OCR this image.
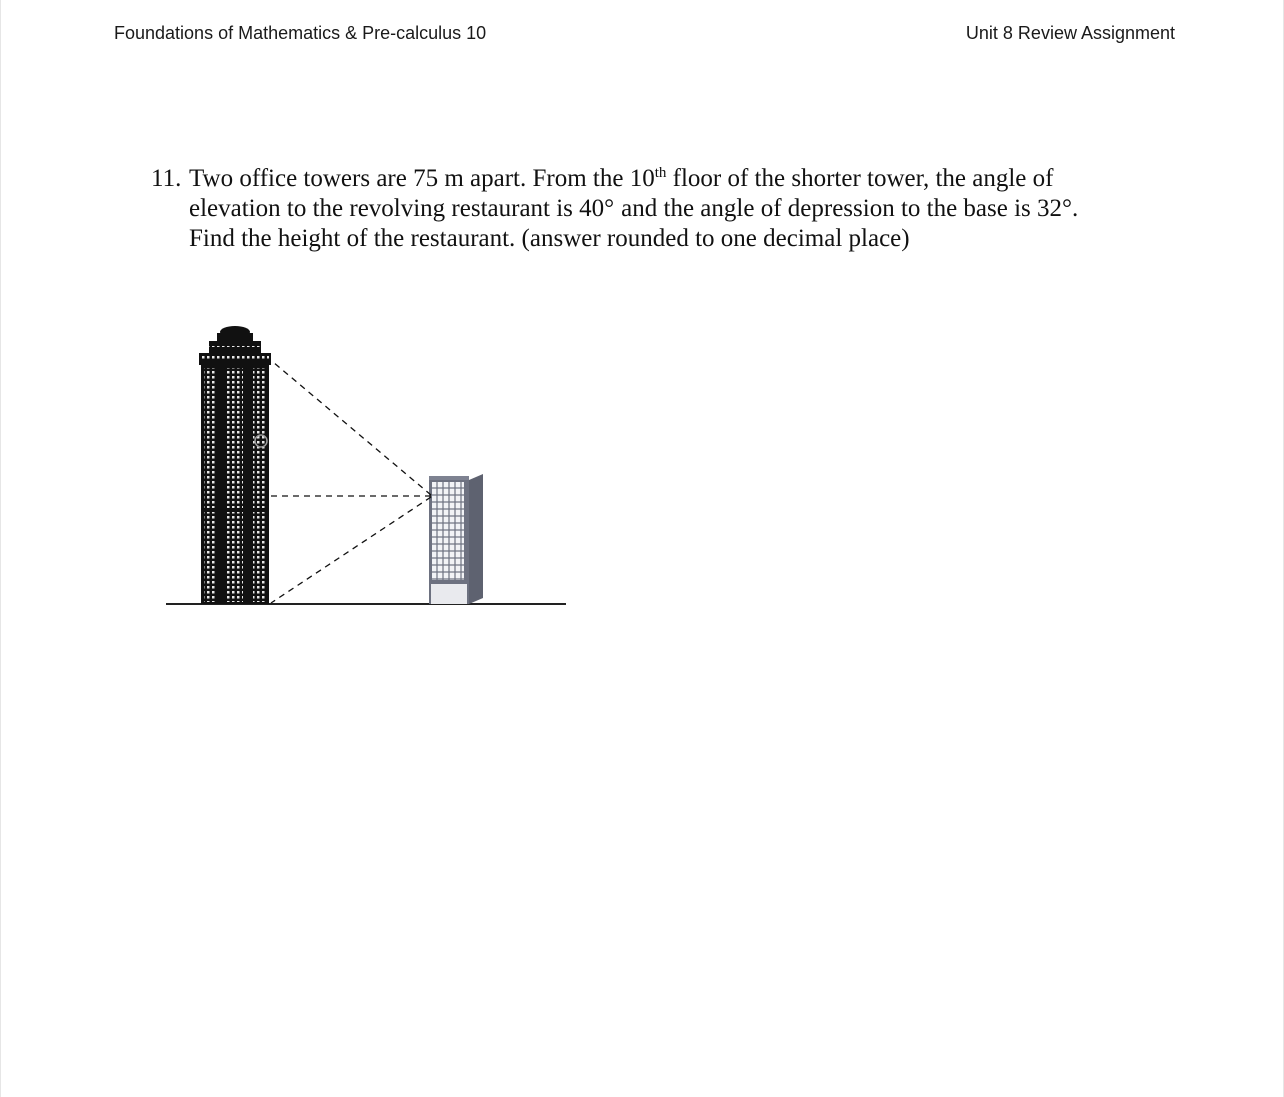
Foundations of Mathematics & Pre-calculus 10	Unit 8 Review Assignment
11. Two office towers are 75 m apart. From the 10th floor of the shorter tower, the angle of
elevation to the revolving restaurant is 40° and the angle of depression to the base is 32°.
Find the height of the restaurant. (answer rounded to one decimal place)
